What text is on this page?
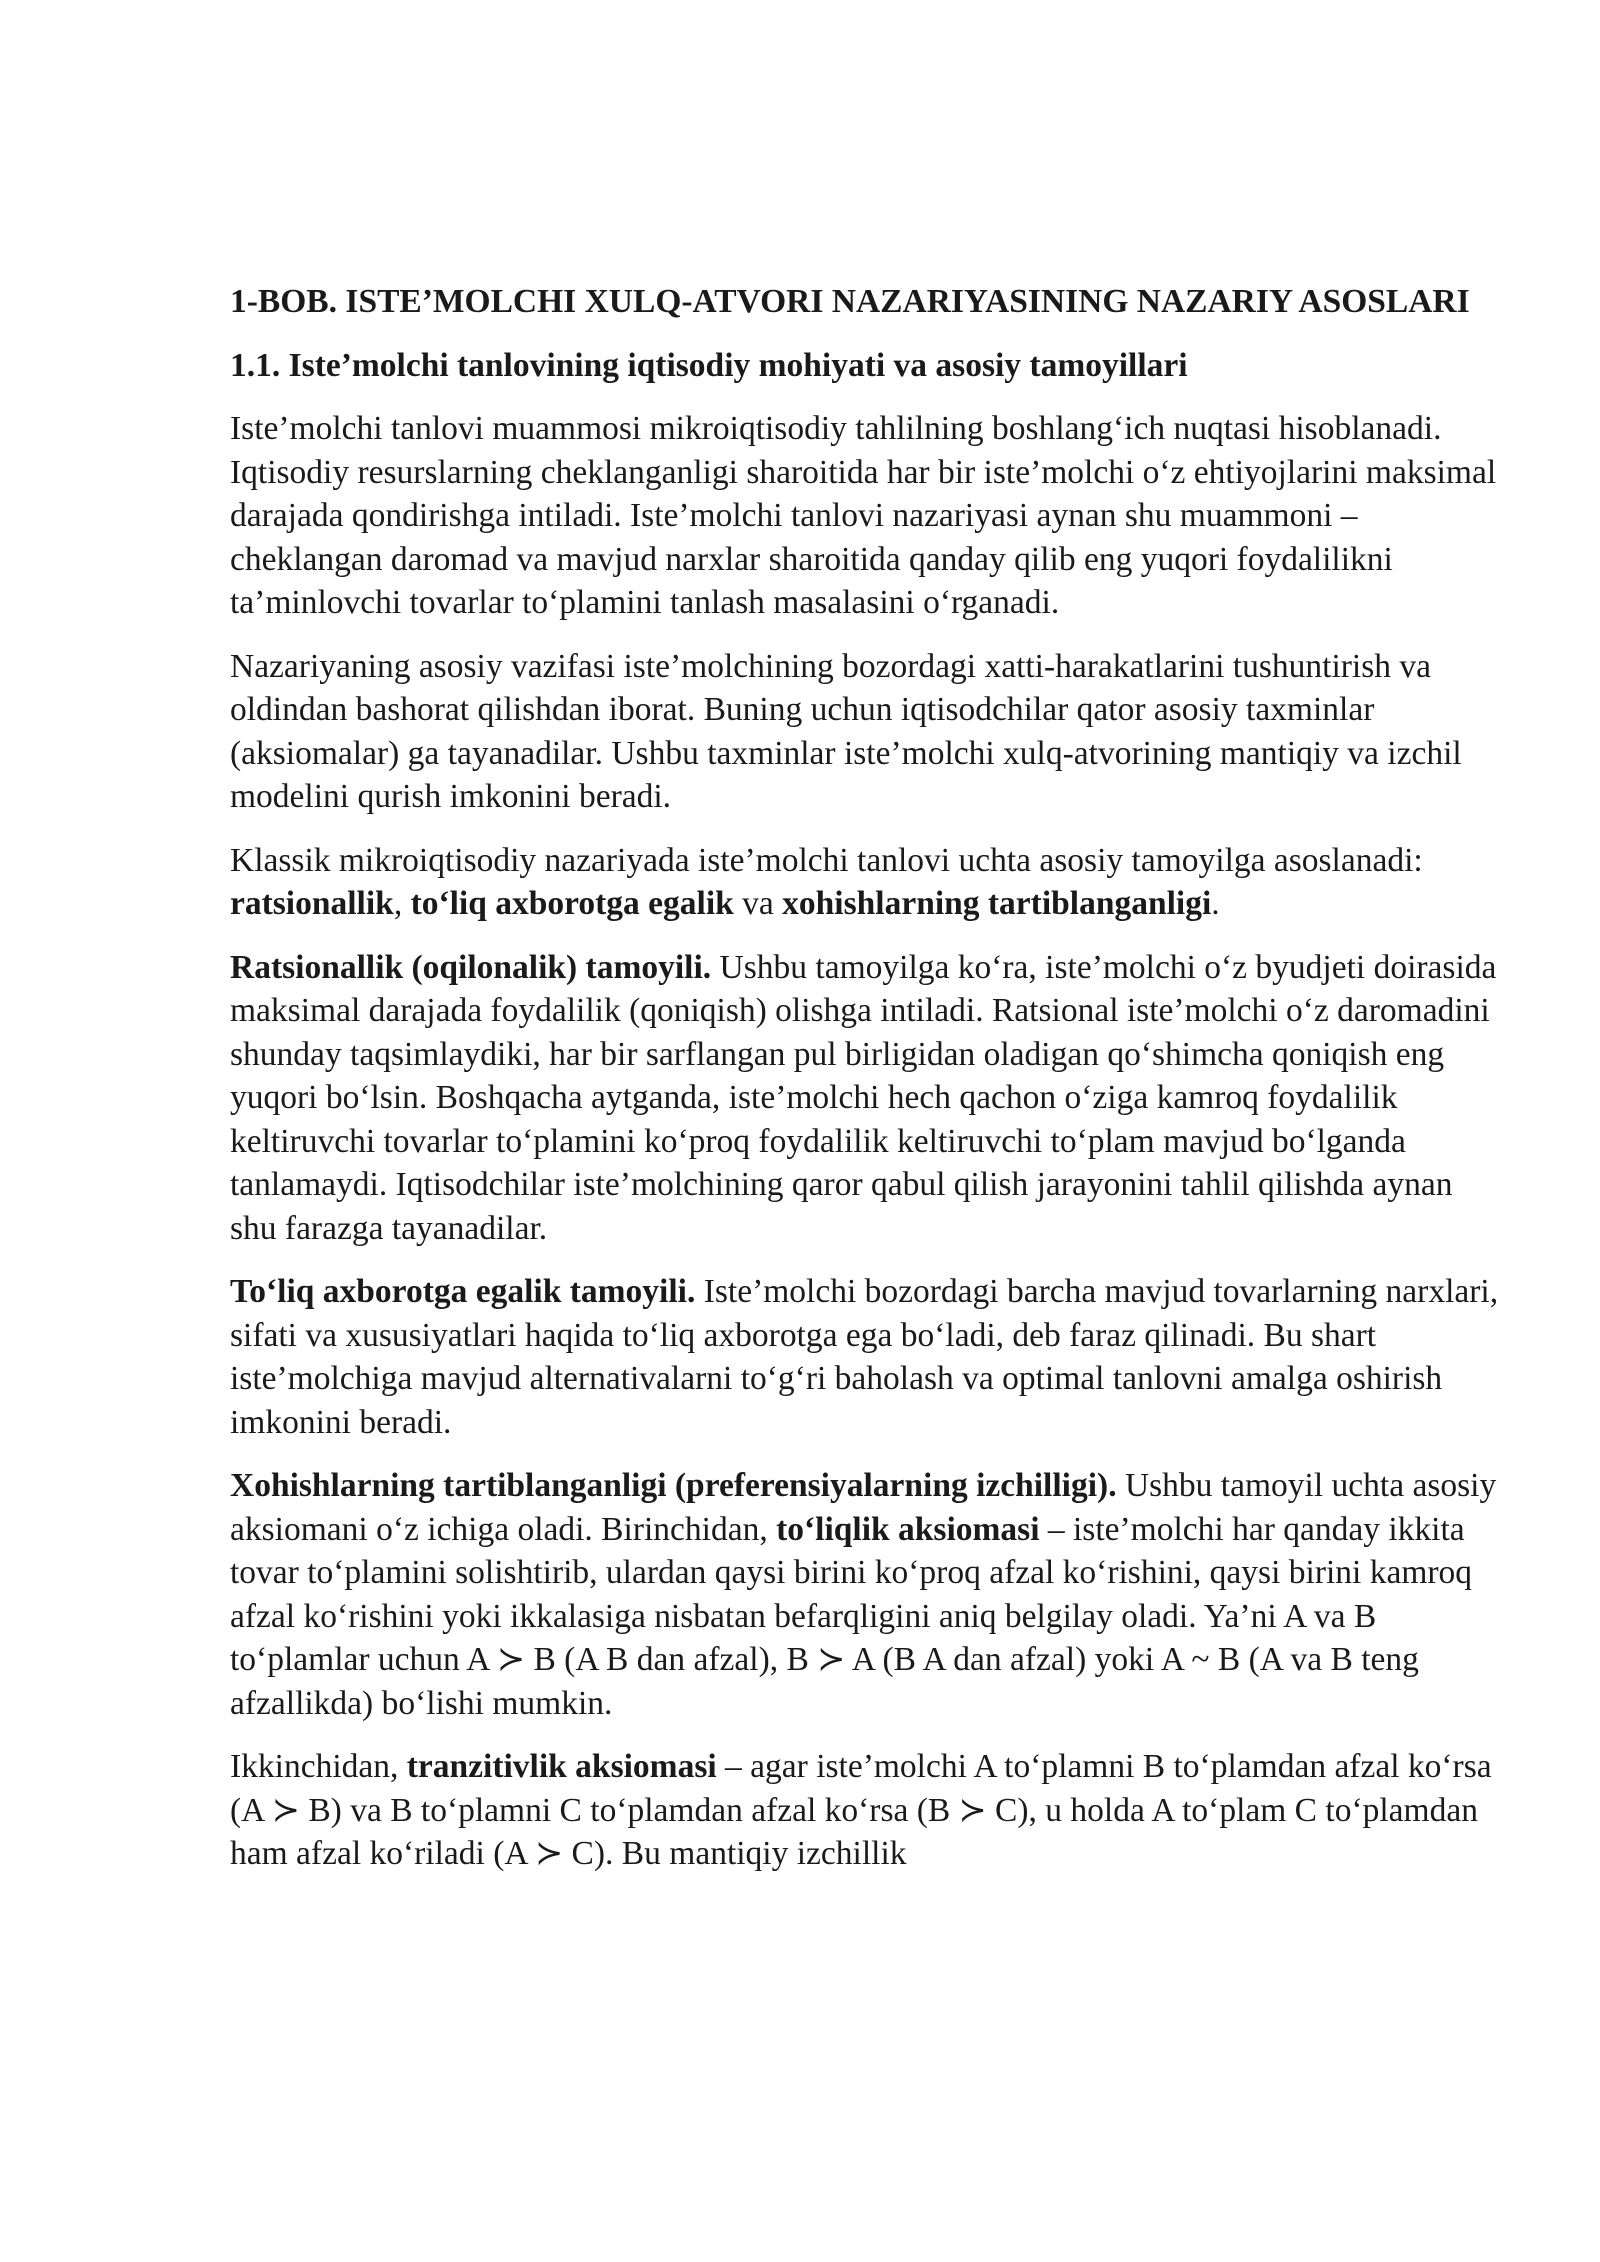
1-BOB. ISTE’MOLCHI XULQ-ATVORI NAZARIYASINING NAZARIY ASOSLARI
1.1. Iste’molchi tanlovining iqtisodiy mohiyati va asosiy tamoyillari

Iste’molchi tanlovi muammosi mikroiqtisodiy tahlilning boshlang‘ich nuqtasi hisoblanadi. Iqtisodiy resurslarning cheklanganligi sharoitida har bir iste’molchi o‘z ehtiyojlarini maksimal darajada qondirishga intiladi. Iste’molchi tanlovi nazariyasi aynan shu muammoni – cheklangan daromad va mavjud narxlar sharoitida qanday qilib eng yuqori foydalilikni ta’minlovchi tovarlar to‘plamini tanlash masalasini o‘rganadi.

Nazariyaning asosiy vazifasi iste’molchining bozordagi xatti-harakatlarini tushuntirish va oldindan bashorat qilishdan iborat. Buning uchun iqtisodchilar qator asosiy taxminlar (aksiomalar) ga tayanadilar. Ushbu taxminlar iste’molchi xulq-atvorining mantiqiy va izchil modelini qurish imkonini beradi.

Klassik mikroiqtisodiy nazariyada iste’molchi tanlovi uchta asosiy tamoyilga asoslanadi: ratsionallik, to‘liq axborotga egalik va xohishlarning tartiblanganligi.

Ratsionallik (oqilonalik) tamoyili. Ushbu tamoyilga ko‘ra, iste’molchi o‘z byudjeti doirasida maksimal darajada foydalilik (qoniqish) olishga intiladi. Ratsional iste’molchi o‘z daromadini shunday taqsimlaydiki, har bir sarflangan pul birligidan oladigan qo‘shimcha qoniqish eng yuqori bo‘lsin. Boshqacha aytganda, iste’molchi hech qachon o‘ziga kamroq foydalilik keltiruvchi tovarlar to‘plamini ko‘proq foydalilik keltiruvchi to‘plam mavjud bo‘lganda tanlamaydi. Iqtisodchilar iste’molchining qaror qabul qilish jarayonini tahlil qilishda aynan shu farazga tayanadilar.

To‘liq axborotga egalik tamoyili. Iste’molchi bozordagi barcha mavjud tovarlarning narxlari, sifati va xususiyatlari haqida to‘liq axborotga ega bo‘ladi, deb faraz qilinadi. Bu shart iste’molchiga mavjud alternativalarni to‘g‘ri baholash va optimal tanlovni amalga oshirish imkonini beradi.

Xohishlarning tartiblanganligi (preferensiyalarning izchilligi). Ushbu tamoyil uchta asosiy aksiomani o‘z ichiga oladi. Birinchidan, to‘liqlik aksiomasi – iste’molchi har qanday ikkita tovar to‘plamini solishtirib, ulardan qaysi birini ko‘proq afzal ko‘rishini, qaysi birini kamroq afzal ko‘rishini yoki ikkalasiga nisbatan befarqligini aniq belgilay oladi. Ya’ni A va B to‘plamlar uchun A ≻ B (A B dan afzal), B ≻ A (B A dan afzal) yoki A ~ B (A va B teng afzallikda) bo‘lishi mumkin.

Ikkinchidan, tranzitivlik aksiomasi – agar iste’molchi A to‘plamni B to‘plamdan afzal ko‘rsa (A ≻ B) va B to‘plamni C to‘plamdan afzal ko‘rsa (B ≻ C), u holda A to‘plam C to‘plamdan ham afzal ko‘riladi (A ≻ C). Bu mantiqiy izchillik
